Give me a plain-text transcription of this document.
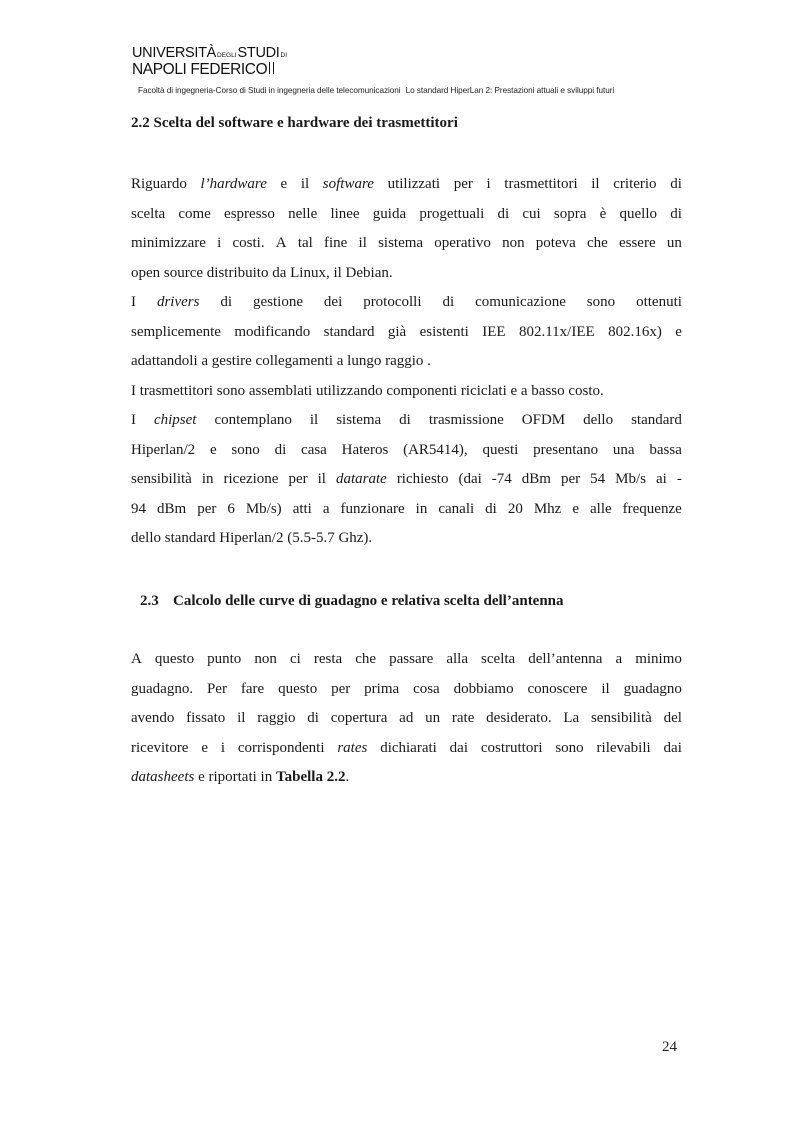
UNIVERSITÀ DEGLI STUDI DI
NAPOLI FEDERICO
Facoltà di ingegneria-Corso di Studi in ingegneria delle telecomunicazioni Lo standard HiperLan 2: Prestazioni attuali e sviluppi futuri
2.2 Scelta del software e hardware dei trasmettitori
Riguardo l’hardware e il software utilizzati per i trasmettitori il criterio di
scelta come espresso nelle linee guida progettuali di cui sopra è quello di
minimizzare i costi. A tal fine il sistema operativo non poteva che essere un
open source distribuito da Linux, il Debian.
I drivers di gestione dei protocolli di comunicazione sono ottenuti
semplicemente modificando standard già esistenti IEE 802.11x/IEE 802.16x) e
adattandoli a gestire collegamenti a lungo raggio .
I trasmettitori sono assemblati utilizzando componenti riciclati e a basso costo.
I chipset contemplano il sistema di trasmissione OFDM dello standard
Hiperlan/2 e sono di casa Hateros (AR5414), questi presentano una bassa
sensibilità in ricezione per il datarate richiesto (dai -74 dBm per 54 Mb/s ai -
94 dBm per 6 Mb/s) atti a funzionare in canali di 20 Mhz e alle frequenze
dello standard Hiperlan/2 (5.5-5.7 Ghz).
2.3 Calcolo delle curve di guadagno e relativa scelta dell’antenna
A questo punto non ci resta che passare alla scelta dell’antenna a minimo
guadagno. Per fare questo per prima cosa dobbiamo conoscere il guadagno
avendo fissato il raggio di copertura ad un rate desiderato. La sensibilità del
ricevitore e i corrispondenti rates dichiarati dai costruttori sono rilevabili dai
datasheets e riportati in Tabella 2.2.
24
